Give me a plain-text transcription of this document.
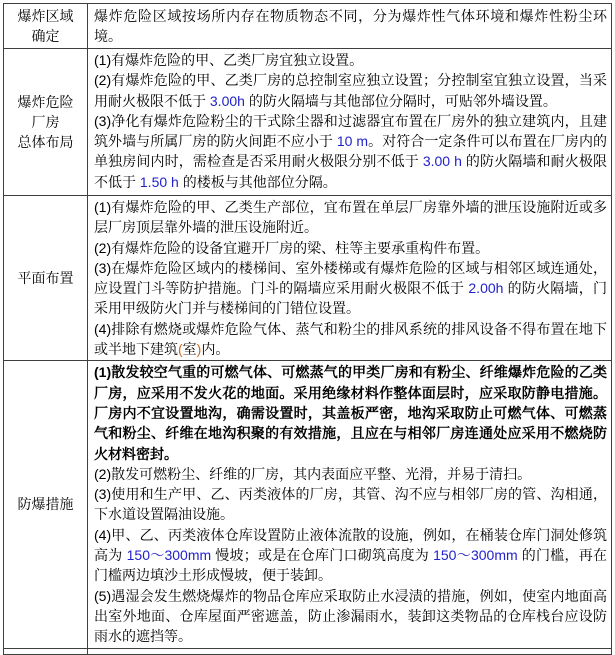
爆炸区域
确定

爆炸危险区域按场所内存在物质物态不同，分为爆炸性气体环境和爆炸性粉尘环境。

爆炸危险
厂房
总体布局

(1)有爆炸危险的甲、乙类厂房宜独立设置。

(2)有爆炸危险的甲、乙类厂房的总控制室应独立设置；分控制室宜独立设置，当采用耐火极限不低于 3.00h 的防火隔墙与其他部位分隔时，可贴邻外墙设置。

(3)净化有爆炸危险粉尘的干式除尘器和过滤器宜布置在厂房外的独立建筑内，且建筑外墙与所属厂房的防火间距不应小于 10 m。对符合一定条件可以布置在厂房内的单独房间内时，需检查是否采用耐火极限分别不低于 3.00 h 的防火隔墙和耐火极限不低于 1.50 h 的楼板与其他部位分隔。

平面布置

(1)有爆炸危险的甲、乙类生产部位，宜布置在单层厂房靠外墙的泄压设施附近或多层厂房顶层靠外墙的泄压设施附近。

(2)有爆炸危险的设备宜避开厂房的梁、柱等主要承重构件布置。

(3)在爆炸危险区域内的楼梯间、室外楼梯或有爆炸危险的区域与相邻区域连通处，应设置门斗等防护措施。门斗的隔墙应采用耐火极限不低于 2.00h 的防火隔墙，门采用甲级防火门并与楼梯间的门错位设置。

(4)排除有燃烧或爆炸危险气体、蒸气和粉尘的排风系统的排风设备不得布置在地下或半地下建筑(室)内。

防爆措施

(1)散发较空气重的可燃气体、可燃蒸气的甲类厂房和有粉尘、纤维爆炸危险的乙类厂房，应采用不发火花的地面。采用绝缘材料作整体面层时，应采取防静电措施。厂房内不宜设置地沟，确需设置时，其盖板严密，地沟采取防止可燃气体、可燃蒸气和粉尘、纤维在地沟积聚的有效措施，且应在与相邻厂房连通处应采用不燃烧防火材料密封。

(2)散发可燃粉尘、纤维的厂房，其内表面应平整、光滑，并易于清扫。

(3)使用和生产甲、乙、丙类液体的厂房，其管、沟不应与相邻厂房的管、沟相通，下水道设置隔油设施。

(4)甲、乙、丙类液体仓库设置防止液体流散的设施，例如，在桶装仓库门洞处修筑高为 150～300mm 慢坡；或是在仓库门口砌筑高度为 150～300mm 的门槛，再在门槛两边填沙土形成慢坡，便于装卸。

(5)遇湿会发生燃烧爆炸的物品仓库应采取防止水浸渍的措施，例如，使室内地面高出室外地面、仓库屋面严密遮盖，防止渗漏雨水，装卸这类物品的仓库栈台应设防雨水的遮挡等。
